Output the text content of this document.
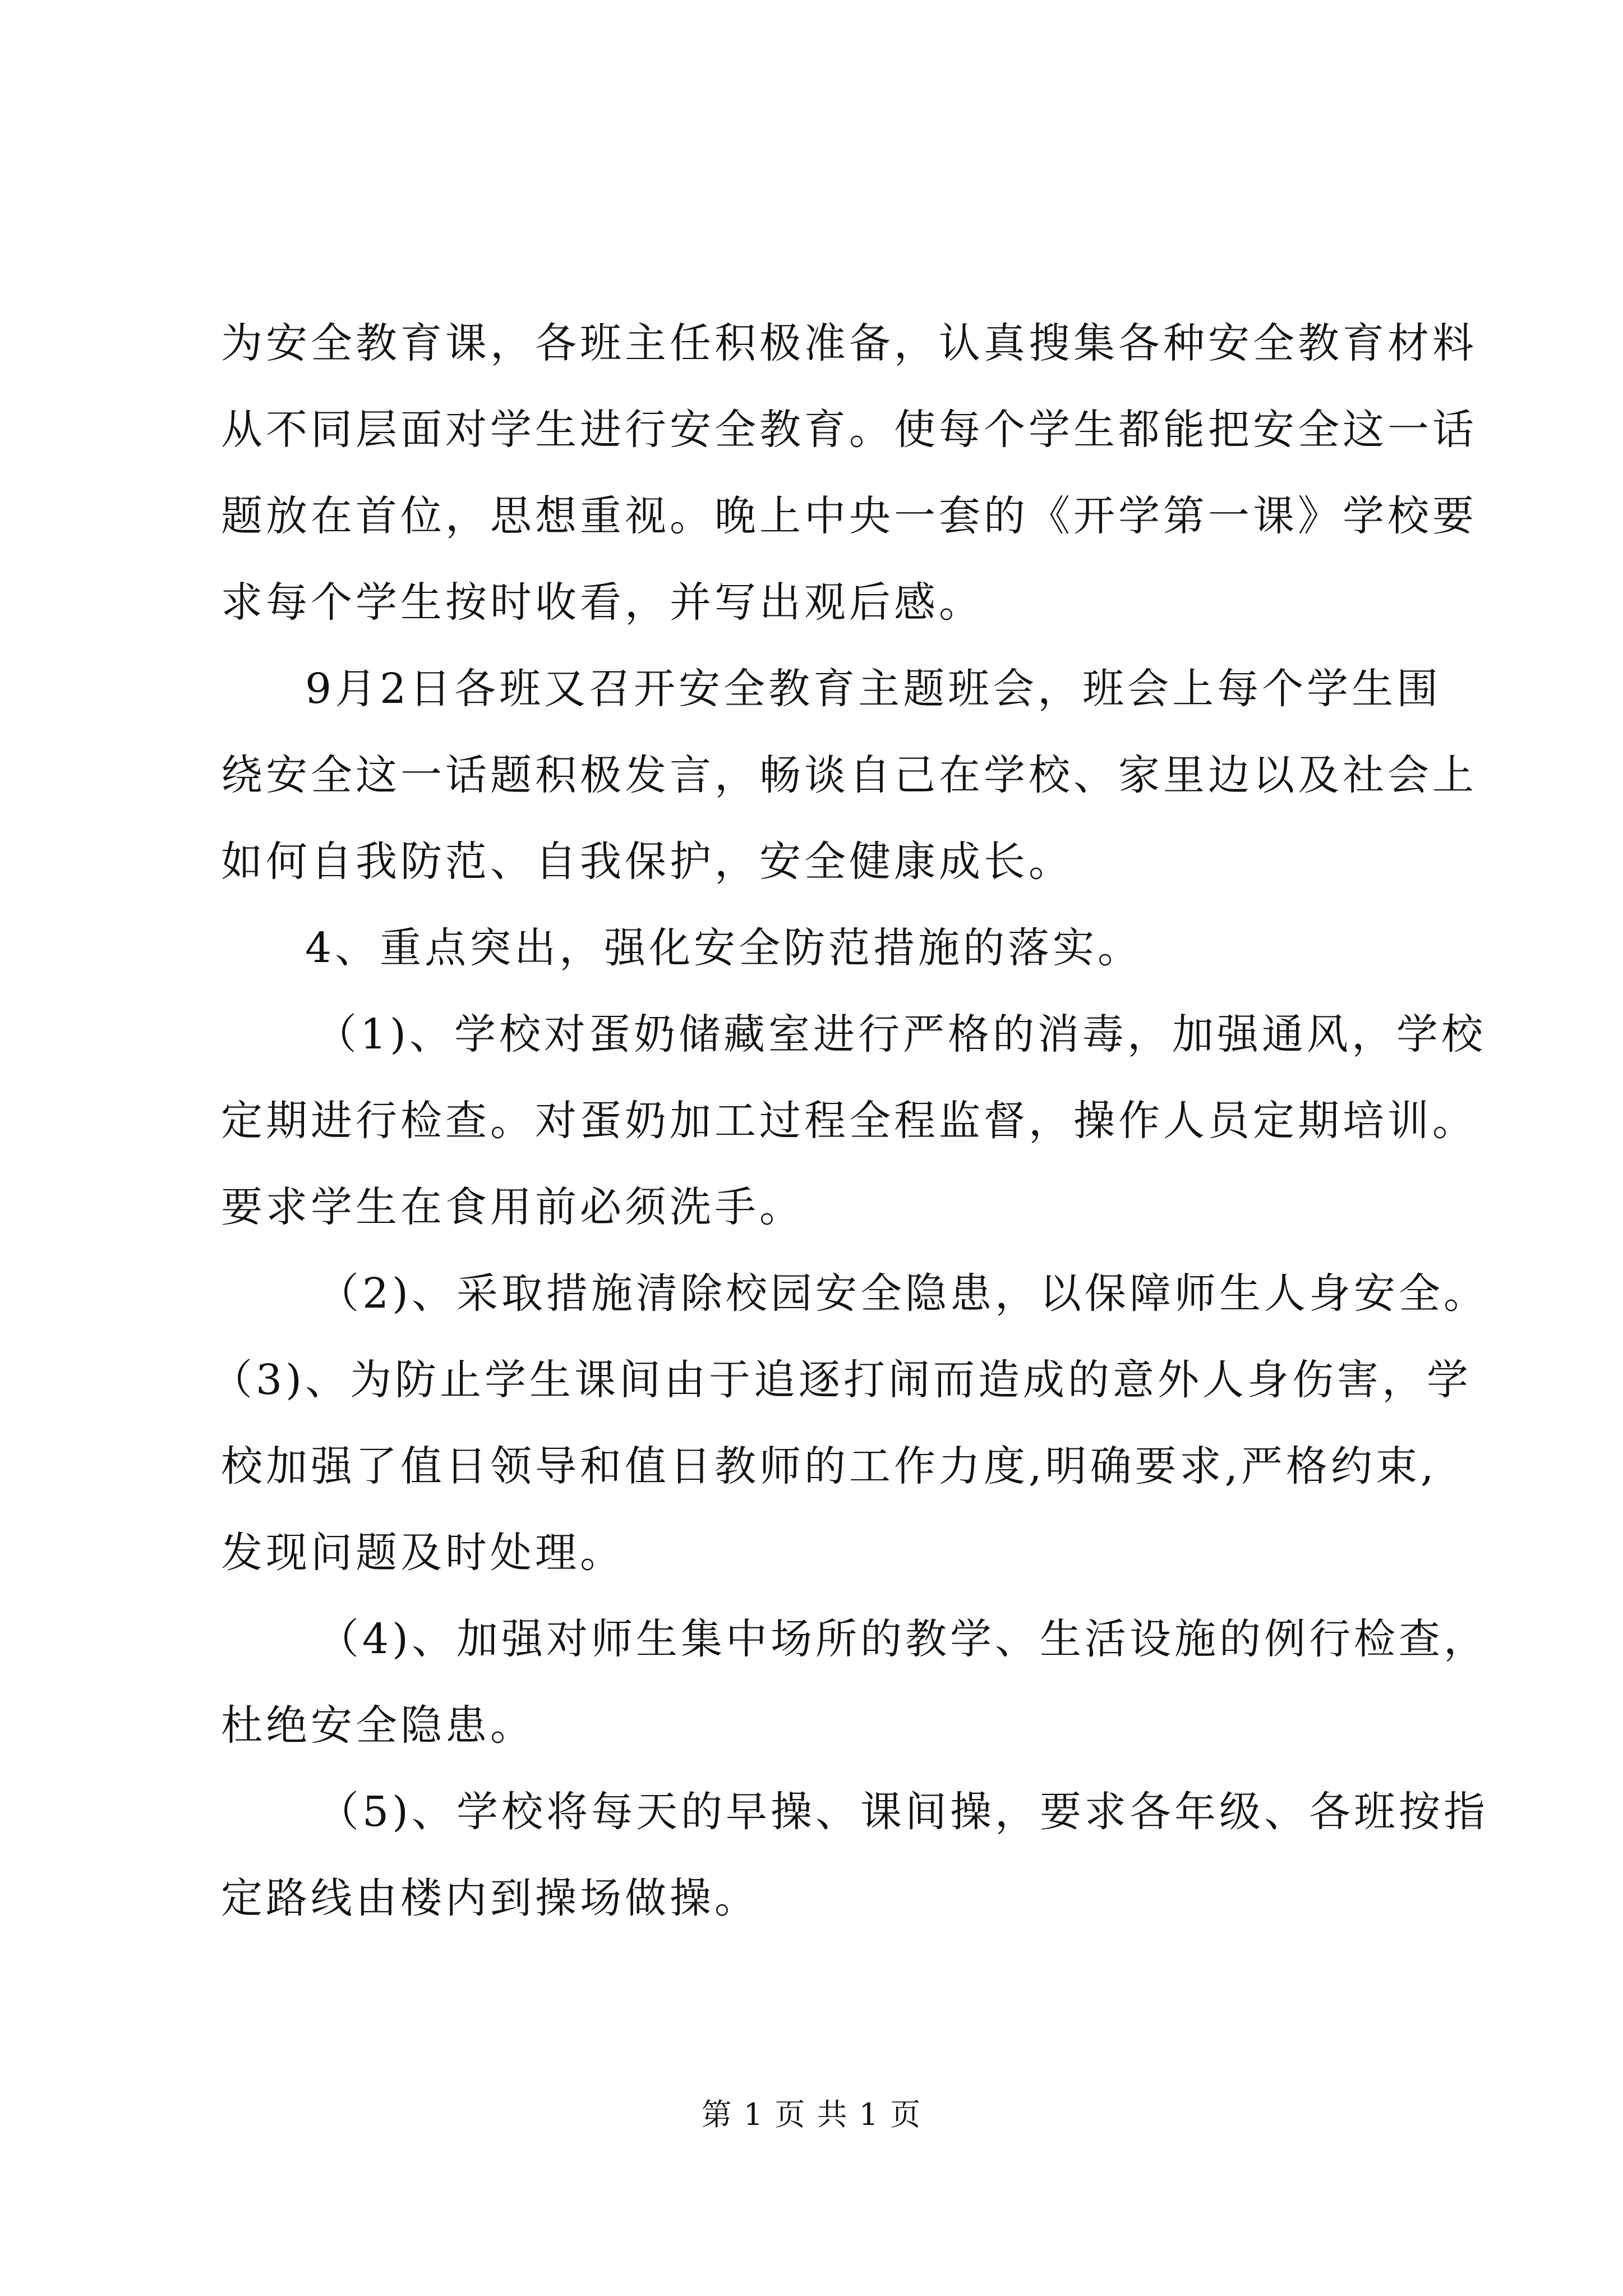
为安全教育课，各班主任积极准备，认真搜集各种安全教育材料
从不同层面对学生进行安全教育。使每个学生都能把安全这一话
题放在首位，思想重视。晚上中央一套的《开学第一课》学校要
求每个学生按时收看，并写出观后感。
9月2日各班又召开安全教育主题班会，班会上每个学生围
绕安全这一话题积极发言，畅谈自己在学校、家里边以及社会上
如何自我防范、自我保护，安全健康成长。
4、重点突出，强化安全防范措施的落实。
（1)、学校对蛋奶储藏室进行严格的消毒，加强通风，学校
定期进行检查。对蛋奶加工过程全程监督，操作人员定期培训。
要求学生在食用前必须洗手。
（2)、采取措施清除校园安全隐患，以保障师生人身安全。
（3)、为防止学生课间由于追逐打闹而造成的意外人身伤害，学
校加强了值日领导和值日教师的工作力度,明确要求,严格约束,
发现问题及时处理。
（4)、加强对师生集中场所的教学、生活设施的例行检查，
杜绝安全隐患。
（5)、学校将每天的早操、课间操，要求各年级、各班按指
定路线由楼内到操场做操。
第 1 页 共 1 页
